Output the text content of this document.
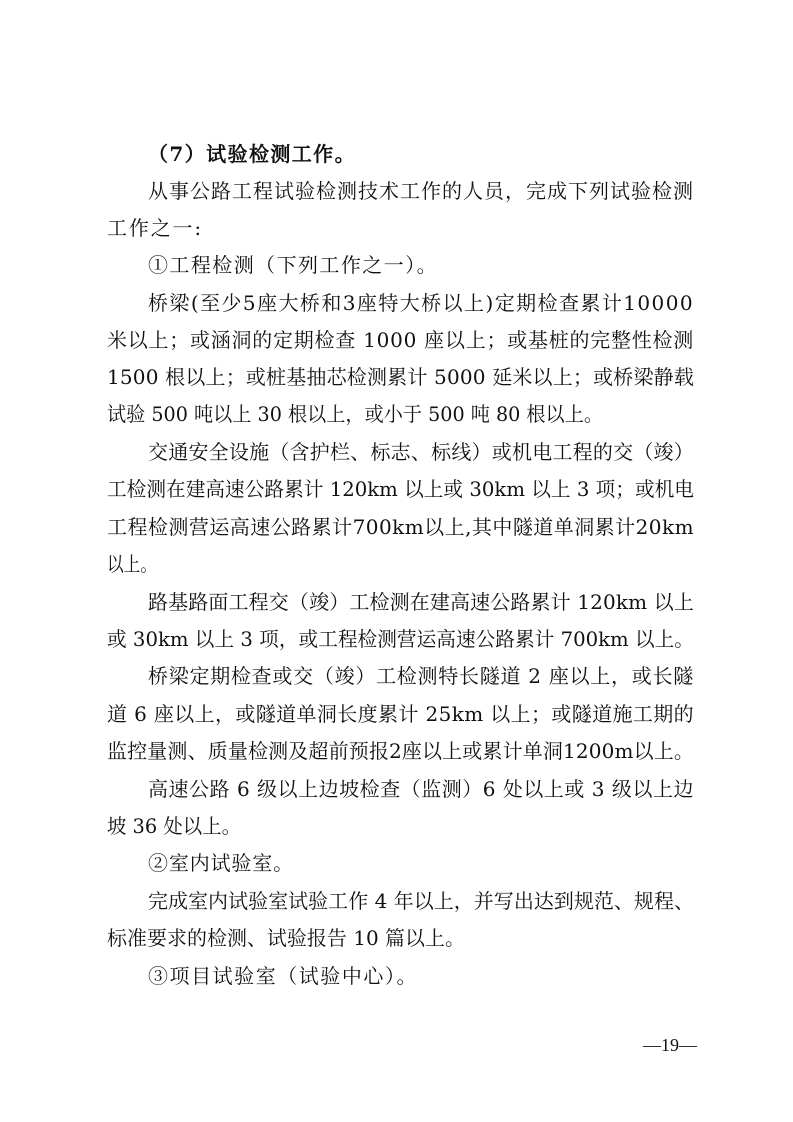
（7）试验检测工作。
从事公路工程试验检测技术工作的人员，完成下列试验检测
工作之一:
①工程检测（下列工作之一）。
桥梁(至少5座大桥和3座特大桥以上)定期检查累计10000
米以上；或涵洞的定期检查 1000 座以上；或基桩的完整性检测
1500 根以上；或桩基抽芯检测累计 5000 延米以上；或桥梁静载
试验 500 吨以上 30 根以上，或小于 500 吨 80 根以上。
交通安全设施（含护栏、标志、标线）或机电工程的交（竣）
工检测在建高速公路累计 120km 以上或 30km 以上 3 项；或机电
工程检测营运高速公路累计700km以上,其中隧道单洞累计20km
以上。
路基路面工程交（竣）工检测在建高速公路累计 120km 以上
或 30km 以上 3 项，或工程检测营运高速公路累计 700km 以上。
桥梁定期检查或交（竣）工检测特长隧道 2 座以上，或长隧
道 6 座以上，或隧道单洞长度累计 25km 以上；或隧道施工期的
监控量测、质量检测及超前预报2座以上或累计单洞1200m以上。
高速公路 6 级以上边坡检查（监测）6 处以上或 3 级以上边
坡 36 处以上。
②室内试验室。
完成室内试验室试验工作 4 年以上，并写出达到规范、规程、
标准要求的检测、试验报告 10 篇以上。
③项目试验室（试验中心）。
—19—
